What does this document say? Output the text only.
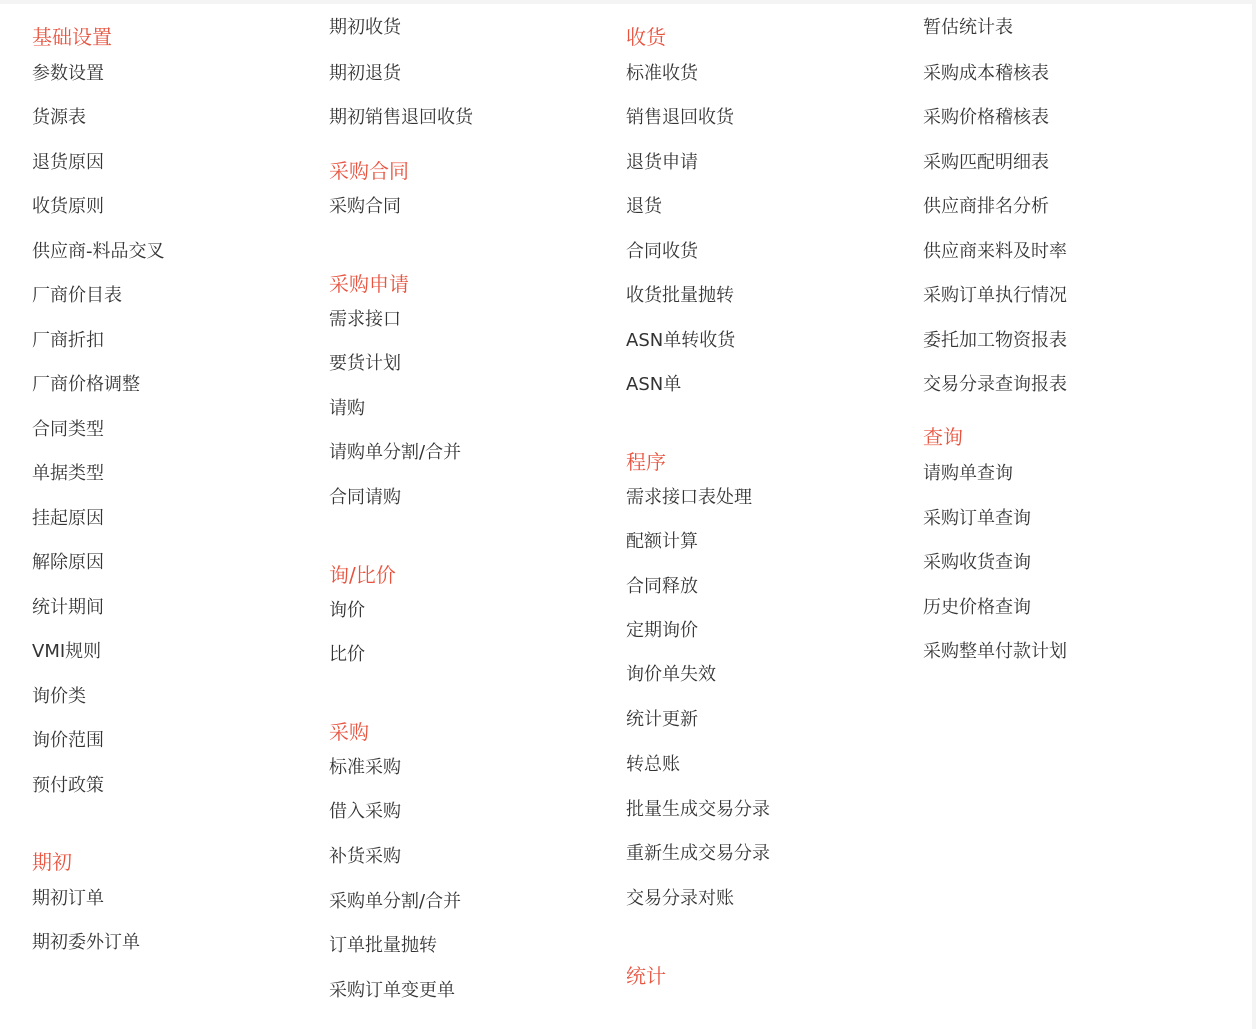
基础设置
参数设置
货源表
退货原因
收货原则
供应商-料品交叉
厂商价目表
厂商折扣
厂商价格调整
合同类型
单据类型
挂起原因
解除原因
统计期间
VMI规则
询价类
询价范围
预付政策
期初
期初订单
期初委外订单
期初收货
期初退货
期初销售退回收货
采购合同
采购合同
采购申请
需求接口
要货计划
请购
请购单分割/合并
合同请购
询/比价
询价
比价
采购
标准采购
借入采购
补货采购
采购单分割/合并
订单批量抛转
采购订单变更单
收货
标准收货
销售退回收货
退货申请
退货
合同收货
收货批量抛转
ASN单转收货
ASN单
程序
需求接口表处理
配额计算
合同释放
定期询价
询价单失效
统计更新
转总账
批量生成交易分录
重新生成交易分录
交易分录对账
统计
暂估统计表
采购成本稽核表
采购价格稽核表
采购匹配明细表
供应商排名分析
供应商来料及时率
采购订单执行情况
委托加工物资报表
交易分录查询报表
查询
请购单查询
采购订单查询
采购收货查询
历史价格查询
采购整单付款计划
